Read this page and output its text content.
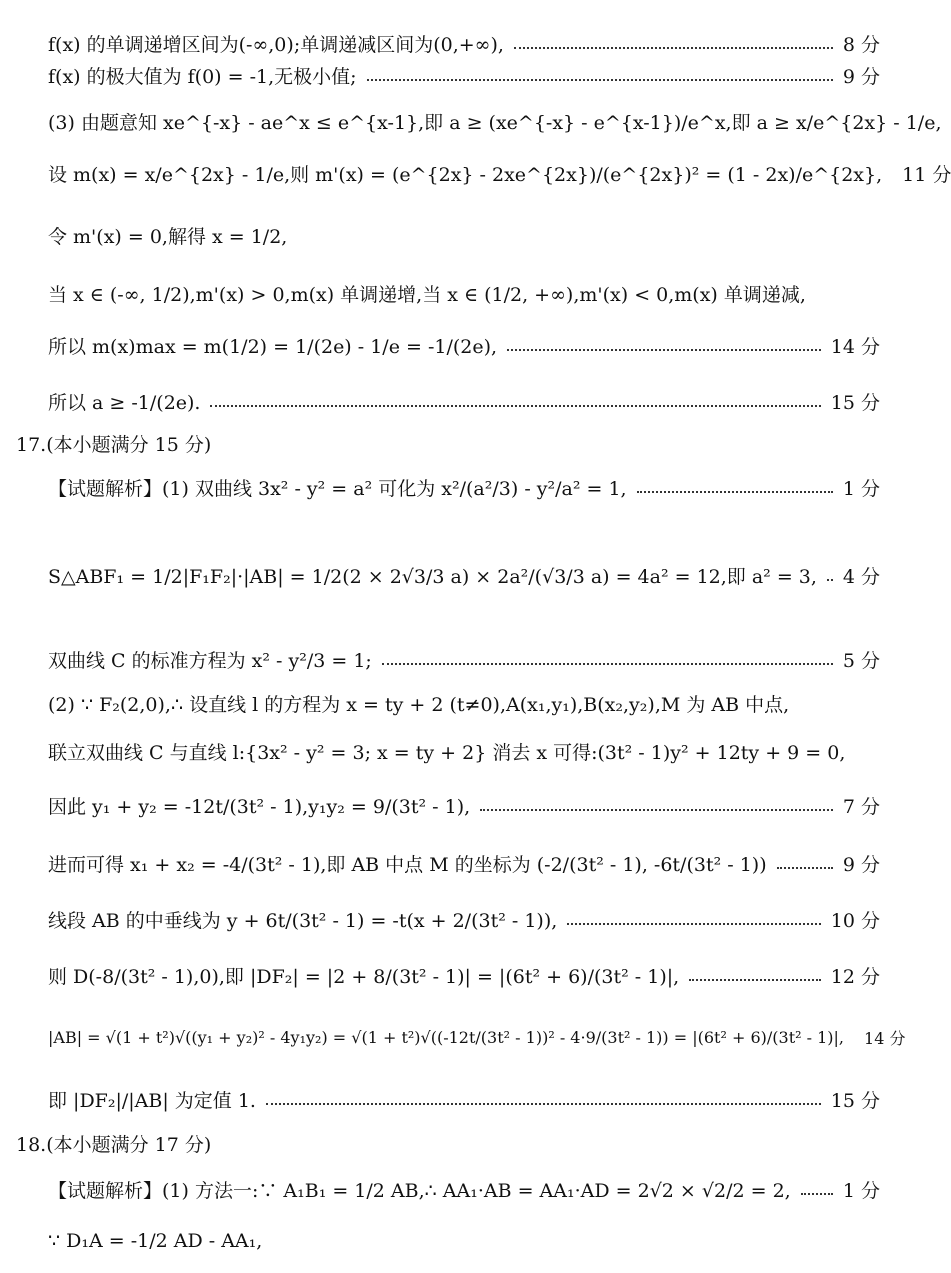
f(x) 的单调递增区间为(-∞,0);单调递减区间为(0,+∞),	8 分
f(x) 的极大值为 f(0) = -1,无极小值;	9 分
(3) 由题意知 xe^{-x} - ae^x ≤ e^{x-1},即 a ≥ (xe^{-x} - e^{x-1})/e^x,即 a ≥ x/e^{2x} - 1/e,
设 m(x) = x/e^{2x} - 1/e,则 m'(x) = (e^{2x} - 2xe^{2x})/(e^{2x})² = (1 - 2x)/e^{2x}, 11 分
令 m'(x) = 0,解得 x = 1/2,
当 x ∈ (-∞, 1/2),m'(x) > 0,m(x) 单调递增,当 x ∈ (1/2, +∞),m'(x) < 0,m(x) 单调递减,
所以 m(x)max = m(1/2) = 1/(2e) - 1/e = -1/(2e),	14 分
所以 a ≥ -1/(2e).	15 分
17.(本小题满分 15 分)
【试题解析】(1) 双曲线 3x² - y² = a² 可化为 x²/(a²/3) - y²/a² = 1,	1 分
S△ABF₁ = 1/2|F₁F₂|·|AB| = 1/2(2 × 2√3/3 a) × 2a²/(√3/3 a) = 4a² = 12,即 a² = 3, 4 分
双曲线 C 的标准方程为 x² - y²/3 = 1;	5 分
(2) ∵ F₂(2,0),∴ 设直线 l 的方程为 x = ty + 2 (t≠0),A(x₁,y₁),B(x₂,y₂),M 为 AB 中点,
联立双曲线 C 与直线 l:{3x² - y² = 3; x = ty + 2} 消去 x 可得:(3t² - 1)y² + 12ty + 9 = 0,
因此 y₁ + y₂ = -12t/(3t² - 1),y₁y₂ = 9/(3t² - 1),	7 分
进而可得 x₁ + x₂ = -4/(3t² - 1),即 AB 中点 M 的坐标为 (-2/(3t² - 1), -6t/(3t² - 1))	9 分
线段 AB 的中垂线为 y + 6t/(3t² - 1) = -t(x + 2/(3t² - 1)),	10 分
则 D(-8/(3t² - 1),0),即 |DF₂| = |2 + 8/(3t² - 1)| = |(6t² + 6)/(3t² - 1)|,	12 分
|AB| = √(1 + t²)√((y₁ + y₂)² - 4y₁y₂) = √(1 + t²)√((-12t/(3t² - 1))² - 4·9/(3t² - 1)) = |(6t² + 6)/(3t² - 1)|, 14 分
即 |DF₂|/|AB| 为定值 1.	15 分
18.(本小题满分 17 分)
【试题解析】(1) 方法一:∵ A₁B₁ = 1/2 AB,∴ AA₁·AB = AA₁·AD = 2√2 × √2/2 = 2,	1 分
∵ D₁A = -1/2 AD - AA₁,
